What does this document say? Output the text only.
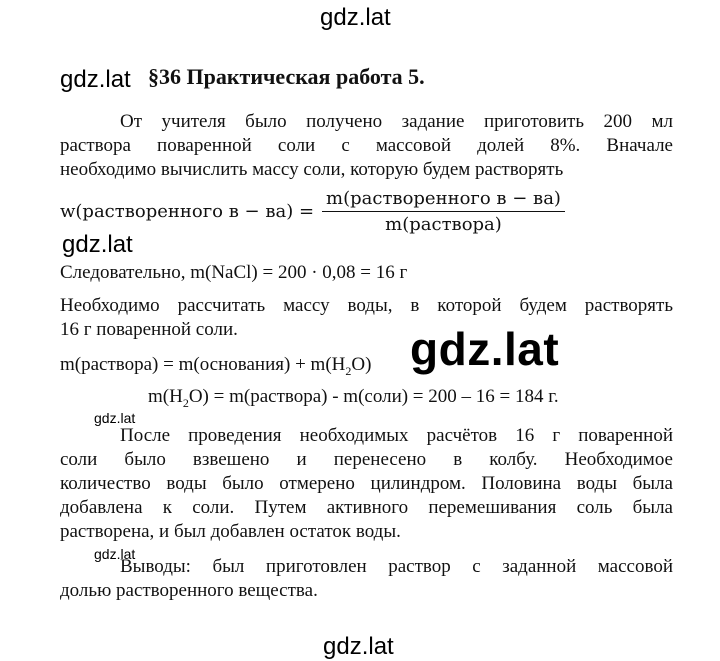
gdz.lat
§36 Практическая работа 5.
gdz.lat
От учителя было получено задание приготовить 200 мл
раствора поваренной соли с массовой долей 8%. Вначале
необходимо вычислить массу соли, которую будем растворять
w(растворенного $в - ва) = \frac{\text{m(растворенного в − ва)}}{\text{m(раствора)}}$
gdz.lat
Следовательно, m(NaCl) = 200 · 0,08 = 16 г
Необходимо рассчитать массу воды, в которой будем растворять
16 г поваренной соли.
m(раствора) = m(основания) + $m(H_2O)$ gdz.lat
$m(H_2O)$ = m(раствора) - m(соли) = 200 – 16 = 184 г.
gdz.lat
После проведения необходимых расчётов 16 г поваренной
соли было взвешено и перенесено в колбу. Необходимое
количество воды было отмерено цилиндром. Половина воды была
добавлена к соли. Путем активного перемешивания соль была
растворена, и был добавлен остаток воды.
gdz.lat
Выводы: был приготовлен раствор с заданной массовой
долью растворенного вещества.
gdz.lat
